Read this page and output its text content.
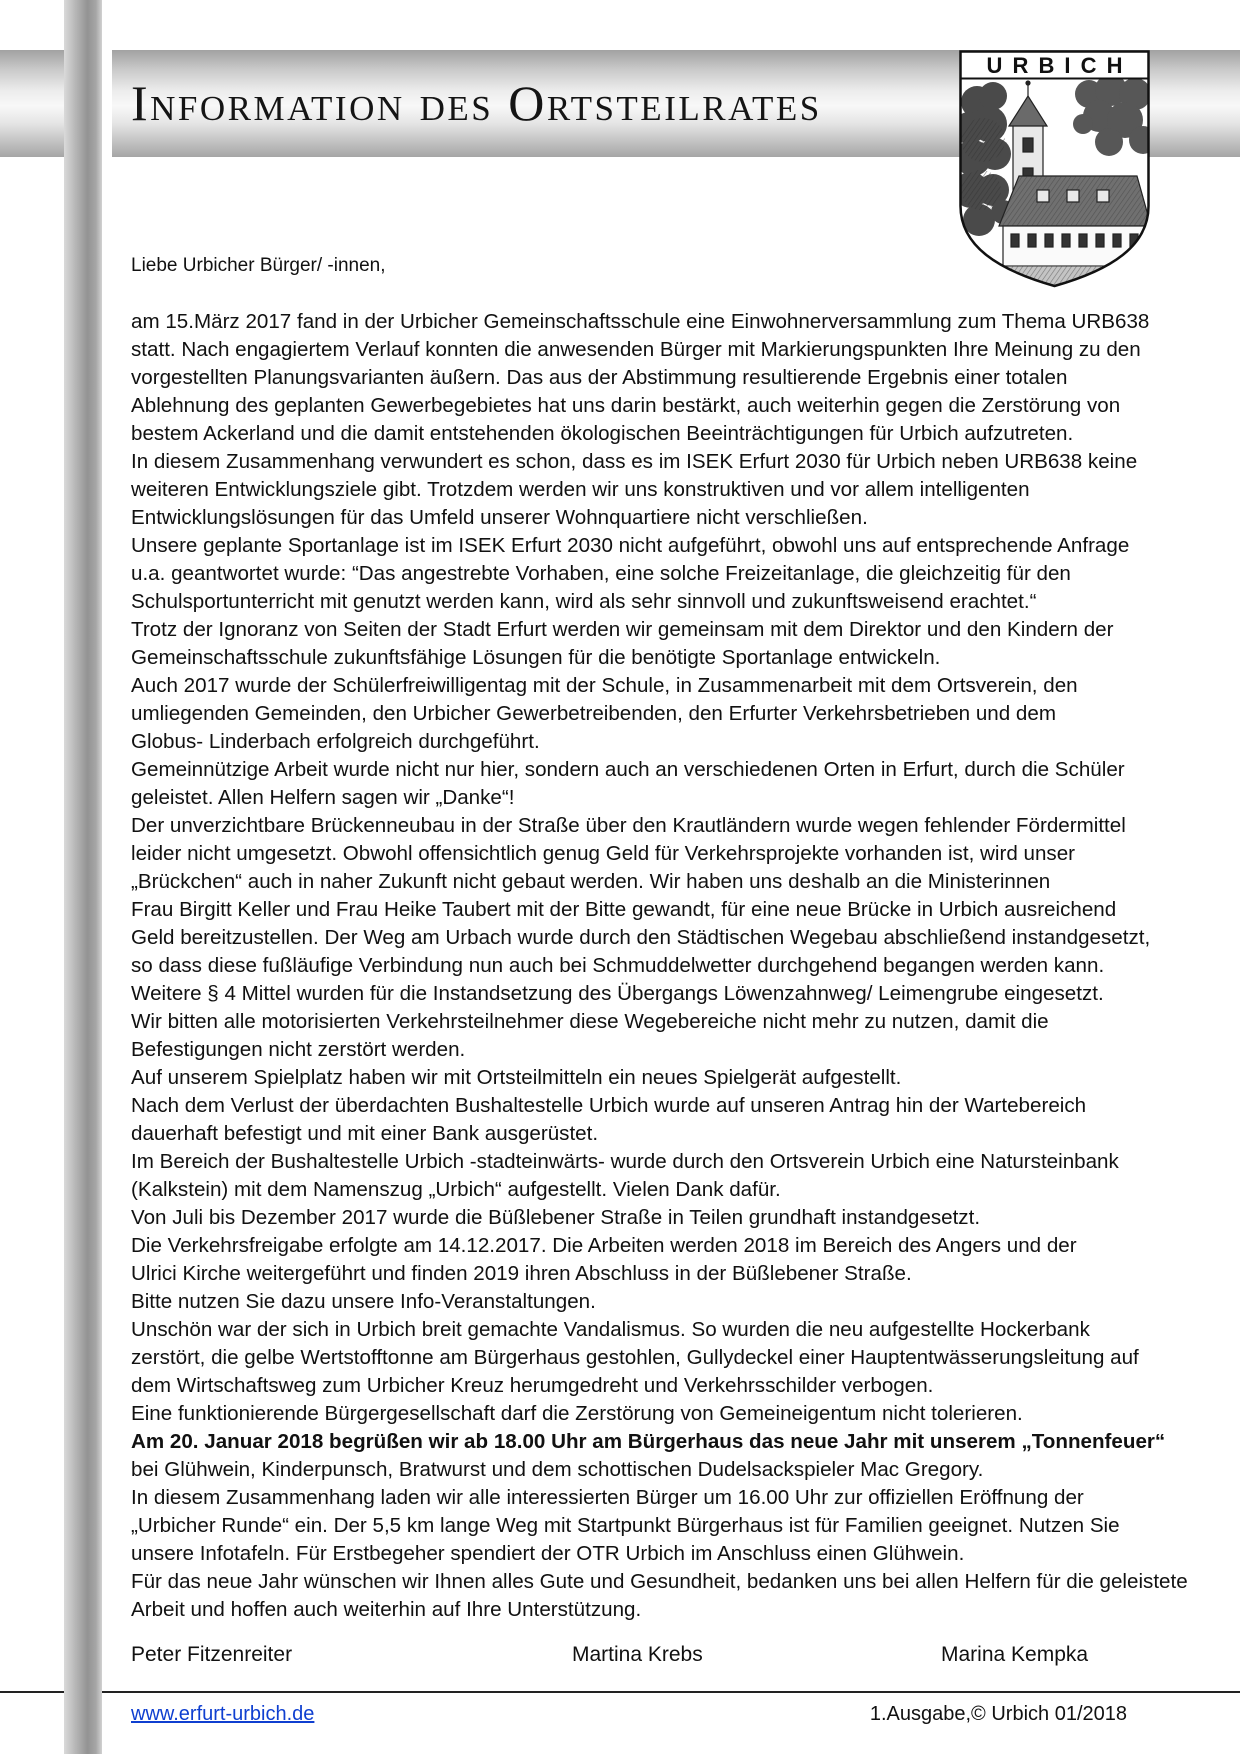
Information des Ortsteilrates
URBICH
Liebe Urbicher Bürger/ -innen,
am 15.März 2017 fand in der Urbicher Gemeinschaftsschule eine Einwohnerversammlung zum Thema URB638
statt. Nach engagiertem Verlauf konnten die anwesenden Bürger mit Markierungspunkten Ihre Meinung zu den
vorgestellten Planungsvarianten äußern. Das aus der Abstimmung resultierende Ergebnis einer totalen
Ablehnung des geplanten Gewerbegebietes hat uns darin bestärkt, auch weiterhin gegen die Zerstörung von
bestem Ackerland und die damit entstehenden ökologischen Beeinträchtigungen für Urbich aufzutreten.
In diesem Zusammenhang verwundert es schon, dass es im ISEK Erfurt 2030 für Urbich neben URB638 keine
weiteren Entwicklungsziele gibt. Trotzdem werden wir uns konstruktiven und vor allem intelligenten
Entwicklungslösungen für das Umfeld unserer Wohnquartiere nicht verschließen.
Unsere geplante Sportanlage ist im ISEK Erfurt 2030 nicht aufgeführt, obwohl uns auf entsprechende Anfrage
u.a. geantwortet wurde: “Das angestrebte Vorhaben, eine solche Freizeitanlage, die gleichzeitig für den
Schulsportunterricht mit genutzt werden kann, wird als sehr sinnvoll und zukunftsweisend erachtet.“
Trotz der Ignoranz von Seiten der Stadt Erfurt werden wir gemeinsam mit dem Direktor und den Kindern der
Gemeinschaftsschule zukunftsfähige Lösungen für die benötigte Sportanlage entwickeln.
Auch 2017 wurde der Schülerfreiwilligentag mit der Schule, in Zusammenarbeit mit dem Ortsverein, den
umliegenden Gemeinden, den Urbicher Gewerbetreibenden, den Erfurter Verkehrsbetrieben und dem
Globus- Linderbach erfolgreich durchgeführt.
Gemeinnützige Arbeit wurde nicht nur hier, sondern auch an verschiedenen Orten in Erfurt, durch die Schüler
geleistet. Allen Helfern sagen wir „Danke“!
Der unverzichtbare Brückenneubau in der Straße über den Krautländern wurde wegen fehlender Fördermittel
leider nicht umgesetzt. Obwohl offensichtlich genug Geld für Verkehrsprojekte vorhanden ist, wird unser
„Brückchen“ auch in naher Zukunft nicht gebaut werden. Wir haben uns deshalb an die Ministerinnen
Frau Birgitt Keller und Frau Heike Taubert mit der Bitte gewandt, für eine neue Brücke in Urbich ausreichend
Geld bereitzustellen. Der Weg am Urbach wurde durch den Städtischen Wegebau abschließend instandgesetzt,
so dass diese fußläufige Verbindung nun auch bei Schmuddelwetter durchgehend begangen werden kann.
Weitere § 4 Mittel wurden für die Instandsetzung des Übergangs Löwenzahnweg/ Leimengrube eingesetzt.
Wir bitten alle motorisierten Verkehrsteilnehmer diese Wegebereiche nicht mehr zu nutzen, damit die
Befestigungen nicht zerstört werden.
Auf unserem Spielplatz haben wir mit Ortsteilmitteln ein neues Spielgerät aufgestellt.
Nach dem Verlust der überdachten Bushaltestelle Urbich wurde auf unseren Antrag hin der Wartebereich
dauerhaft befestigt und mit einer Bank ausgerüstet.
Im Bereich der Bushaltestelle Urbich -stadteinwärts- wurde durch den Ortsverein Urbich eine Natursteinbank
(Kalkstein) mit dem Namenszug „Urbich“ aufgestellt. Vielen Dank dafür.
Von Juli bis Dezember 2017 wurde die Büßlebener Straße in Teilen grundhaft instandgesetzt.
Die Verkehrsfreigabe erfolgte am 14.12.2017. Die Arbeiten werden 2018 im Bereich des Angers und der
Ulrici Kirche weitergeführt und finden 2019 ihren Abschluss in der Büßlebener Straße.
Bitte nutzen Sie dazu unsere Info-Veranstaltungen.
Unschön war der sich in Urbich breit gemachte Vandalismus. So wurden die neu aufgestellte Hockerbank
zerstört, die gelbe Wertstofftonne am Bürgerhaus gestohlen, Gullydeckel einer Hauptentwässerungsleitung auf
dem Wirtschaftsweg zum Urbicher Kreuz herumgedreht und Verkehrsschilder verbogen.
Eine funktionierende Bürgergesellschaft darf die Zerstörung von Gemeineigentum nicht tolerieren.
Am 20. Januar 2018 begrüßen wir ab 18.00 Uhr am Bürgerhaus das neue Jahr mit unserem „Tonnenfeuer“
bei Glühwein, Kinderpunsch, Bratwurst und dem schottischen Dudelsackspieler Mac Gregory.
In diesem Zusammenhang laden wir alle interessierten Bürger um 16.00 Uhr zur offiziellen Eröffnung der
„Urbicher Runde“ ein. Der 5,5 km lange Weg mit Startpunkt Bürgerhaus ist für Familien geeignet. Nutzen Sie
unsere Infotafeln. Für Erstbegeher spendiert der OTR Urbich im Anschluss einen Glühwein.
Für das neue Jahr wünschen wir Ihnen alles Gute und Gesundheit, bedanken uns bei allen Helfern für die geleistete
Arbeit und hoffen auch weiterhin auf Ihre Unterstützung.
Peter Fitzenreiter	Martina Krebs	Marina Kempka
www.erfurt-urbich.de	1.Ausgabe,© Urbich 01/2018
